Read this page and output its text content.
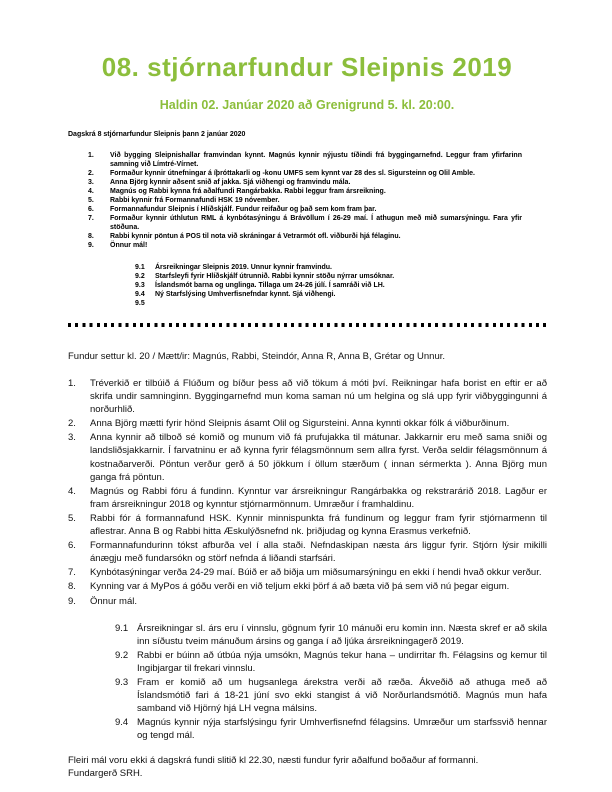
08. stjórnarfundur Sleipnis 2019
Haldin 02. Janúar 2020 að Grenigrund 5. kl. 20:00.
Dagskrá 8 stjórnarfundur Sleipnis þann 2 janúar 2020
1.	Við bygging Sleipnishallar framvindan kynnt. Magnús kynnir nýjustu tíðindi frá byggingarnefnd. Leggur fram yfirfarinn samning við Límtré-Vírnet.
2.	Formaður kynnir útnefningar á íþróttakarli og -konu UMFS sem kynnt var 28 des sl. Sigursteinn og Olil Amble.
3.	Anna Björg kynnir aðsent snið af jakka. Sjá viðhengi og framvindu mála.
4.	Magnús og Rabbi kynna frá aðalfundi Rangárbakka. Rabbi leggur fram ársreikning.
5.	Rabbi kynnir frá Formannafundi HSK 19 nóvember.
6.	Formannafundur Sleipnis í Hlíðskjálf. Fundur reifaður og það sem kom fram þar.
7.	Formaður kynnir úthlutun RML á kynbótasýningu á Brávöllum í 26-29 maí. Í athugun með mið sumarsýningu. Fara yfir stöðuna.
8.	Rabbi kynnir pöntun á POS til nota við skráningar á Vetrarmót ofl. viðburði hjá félaginu.
9.	Önnur mál!
9.1	Ársreikningar Sleipnis 2019. Unnur kynnir framvindu.
9.2	Starfsleyfi fyrir Hlíðskjálf útrunnið. Rabbi kynnir stöðu nýrrar umsóknar.
9.3	Íslandsmót barna og unglinga. Tillaga um 24-26 júlí. Í samráði við LH.
9.4	Ný Starfslýsing Umhverfisnefndar kynnt. Sjá viðhengi.
9.5
Fundur settur kl. 20 / Mætt/ir: Magnús, Rabbi, Steindór, Anna R, Anna B, Grétar og Unnur.
1.	Tréverkið er tilbúið á Flúðum og bíður þess að við tökum á móti því. Reikningar hafa borist en eftir er að skrifa undir samninginn. Byggingarnefnd mun koma saman nú um helgina og slá upp fyrir viðbyggingunni á norðurhlið.
2.	Anna Björg mætti fyrir hönd Sleipnis ásamt Olil og Sigursteini. Anna kynnti okkar fólk á viðburðinum.
3.	Anna kynnir að tilboð sé komið og munum við fá prufujakka til mátunar. Jakkarnir eru með sama sniði og landsliðsjakkarnir. Í farvatninu er að kynna fyrir félagsmönnum sem allra fyrst. Verða seldir félagsmönnum á kostnaðarverði. Pöntun verður gerð á 50 jökkum í öllum stærðum ( innan sérmerkta ). Anna Björg mun ganga frá pöntun.
4.	Magnús og Rabbi fóru á fundinn. Kynntur var ársreikningur Rangárbakka og rekstrarárið 2018. Lagður er fram ársreikningur 2018 og kynntur stjórnarmönnum. Umræður í framhaldinu.
5.	Rabbi fór á formannafund HSK. Kynnir minnispunkta frá fundinum og leggur fram fyrir stjórnarmenn til aflestrar. Anna B og Rabbi hitta Æskulýðsnefnd nk. þriðjudag og kynna Erasmus verkefnið.
6.	Formannafundurinn tókst afburða vel í alla staði. Nefndaskipan næsta árs liggur fyrir. Stjórn lýsir mikilli ánægju með fundarsókn og störf nefnda á liðandi starfsári.
7.	Kynbótasýningar verða 24-29 maí. Búið er að biðja um miðsumarsýningu en ekki í hendi hvað okkur verður.
8.	Kynning var á MyPos á góðu verði en við teljum ekki þörf á að bæta við þá sem við nú þegar eigum.
9.	Önnur mál.
9.1 Ársreikningar sl. árs eru í vinnslu, gögnum fyrir 10 mánuði eru komin inn. Næsta skref er að skila inn síðustu tveim mánuðum ársins og ganga í að ljúka ársreikningagerð 2019.
9.2 Rabbi er búinn að útbúa nýja umsókn, Magnús tekur hana – undirritar fh. Félagsins og kemur til Ingibjargar til frekari vinnslu.
9.3 Fram er komið að um hugsanlega árekstra verði að ræða. Ákveðið að athuga með að Íslandsmótið fari á 18-21 júní svo ekki stangist á við Norðurlandsmótið. Magnús mun hafa samband við Hjörný hjá LH vegna málsins.
9.4 Magnús kynnir nýja starfslýsingu fyrir Umhverfisnefnd félagsins. Umræður um starfssvið hennar og tengd mál.
Fleiri mál voru ekki á dagskrá fundi slitið kl 22.30, næsti fundur fyrir aðalfund boðaður af formanni.
Fundargerð SRH.
